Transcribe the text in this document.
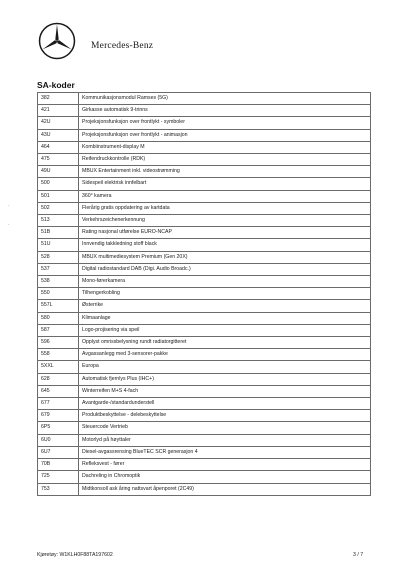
Mercedes-Benz
SA-koder
·
·
382	Kommunikasjonsmodul Ramses (5G)
421	Girkasse automatisk 9-trinns
42U	Projeksjonsfunksjon over frontlykt - symboler
43U	Projeksjonsfunksjon over frontlykt - animasjon
464	Kombiinstrument-display M
475	Reifendruckkontrolle (RDK)
49U	MBUX Entertainment inkl. videostrømming
500	Sidespeil elektrisk innfelbart
501	360° kamera
502	Flerårig gratis oppdatering av kartdata
513	Verkehrszeichenerkennung
51B	Rating nasjonal utførelse EURO-NCAP
51U	Innvendig takkledning stoff black
528	MBUX multimediesystem Premium (Gen 20X)
537	Digital radiostandard DAB (Digi. Audio Broadc.)
538	Mono-førerkamera
550	Tilhengerkobling
557L	Østerrike
580	Klimaanlage
587	Logo-projisering via speil
596	Opplyst omrissbelysning rundt radiatorgitteret
558	Avgassanlegg med 3-sensorer-pakke
5XXL	Europa
628	Automatisk fjernlys Plus (IHC+)
645	Winterreifen M+S 4-fach
677	Avantgarde-/standardunderstell
679	Produktbeskyttelse - delebeskyttelse
6P5	Steuercode Vertrieb
6U0	Motorlyd på høyttaler
6U7	Diesel-avgassrensing BlueTEC SCR generasjon 4
70B	Refleksvest - fører
725	Dachreling in Chromoptik
753	Midtkonsoll ask åring nattsvart åpenporet (2C49)
Kjøretøy: W1KLH0F88TA197602	3 / 7
